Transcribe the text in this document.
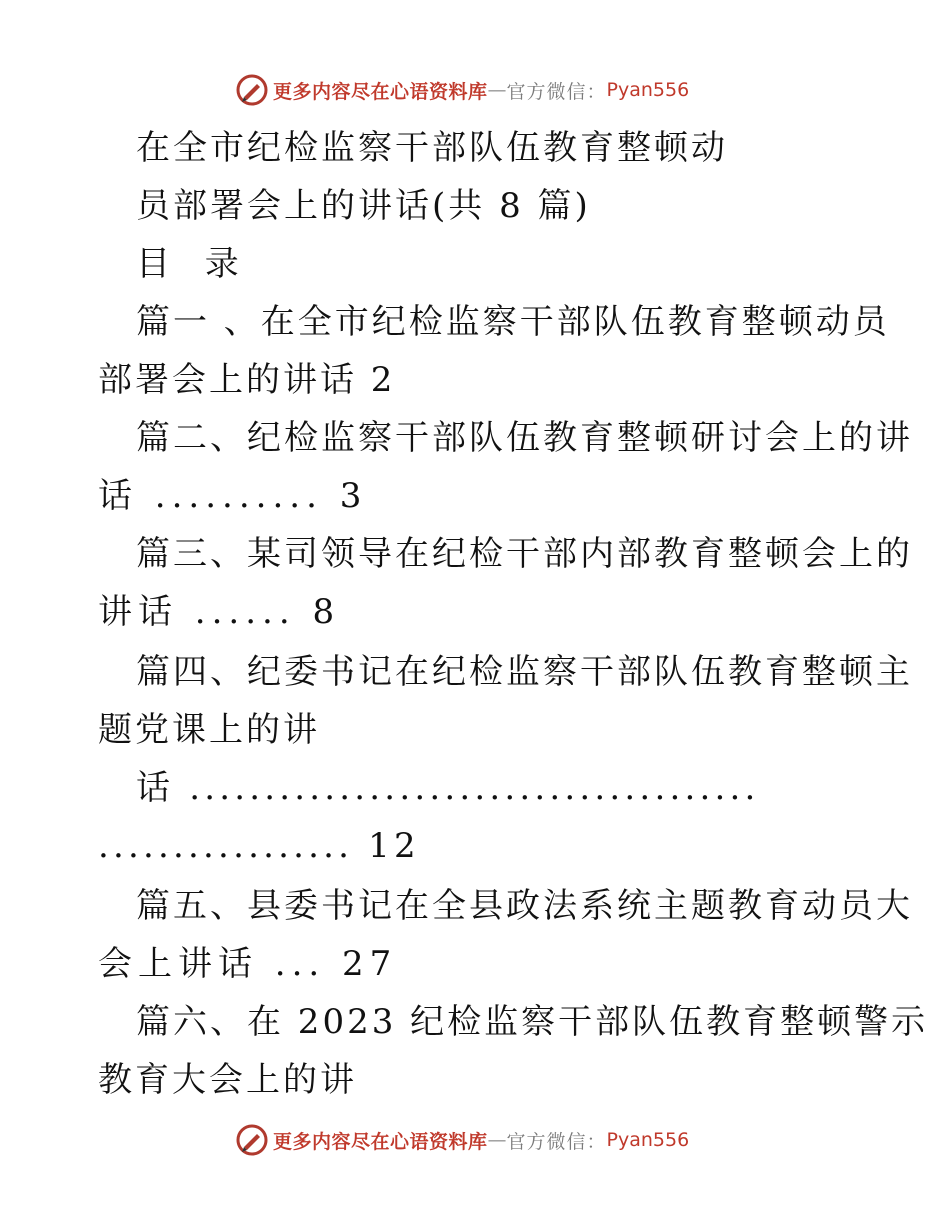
更多内容尽在心语资料库 — 官方微信： Pyan556
在全市纪检监察干部队伍教育整顿动
员部署会上的讲话(共 8 篇)
目 录
篇一 、在全市纪检监察干部队伍教育整顿动员
部署会上的讲话 2
篇二、纪检监察干部队伍教育整顿研讨会上的讲
话 .......... 3
篇三、某司领导在纪检干部内部教育整顿会上的
讲话 ...... 8
篇四、纪委书记在纪检监察干部队伍教育整顿主
题党课上的讲
话 ......................................
................. 12
篇五、县委书记在全县政法系统主题教育动员大
会上讲话 ... 27
篇六、在 2023 纪检监察干部队伍教育整顿警示
教育大会上的讲
更多内容尽在心语资料库 — 官方微信： Pyan556
